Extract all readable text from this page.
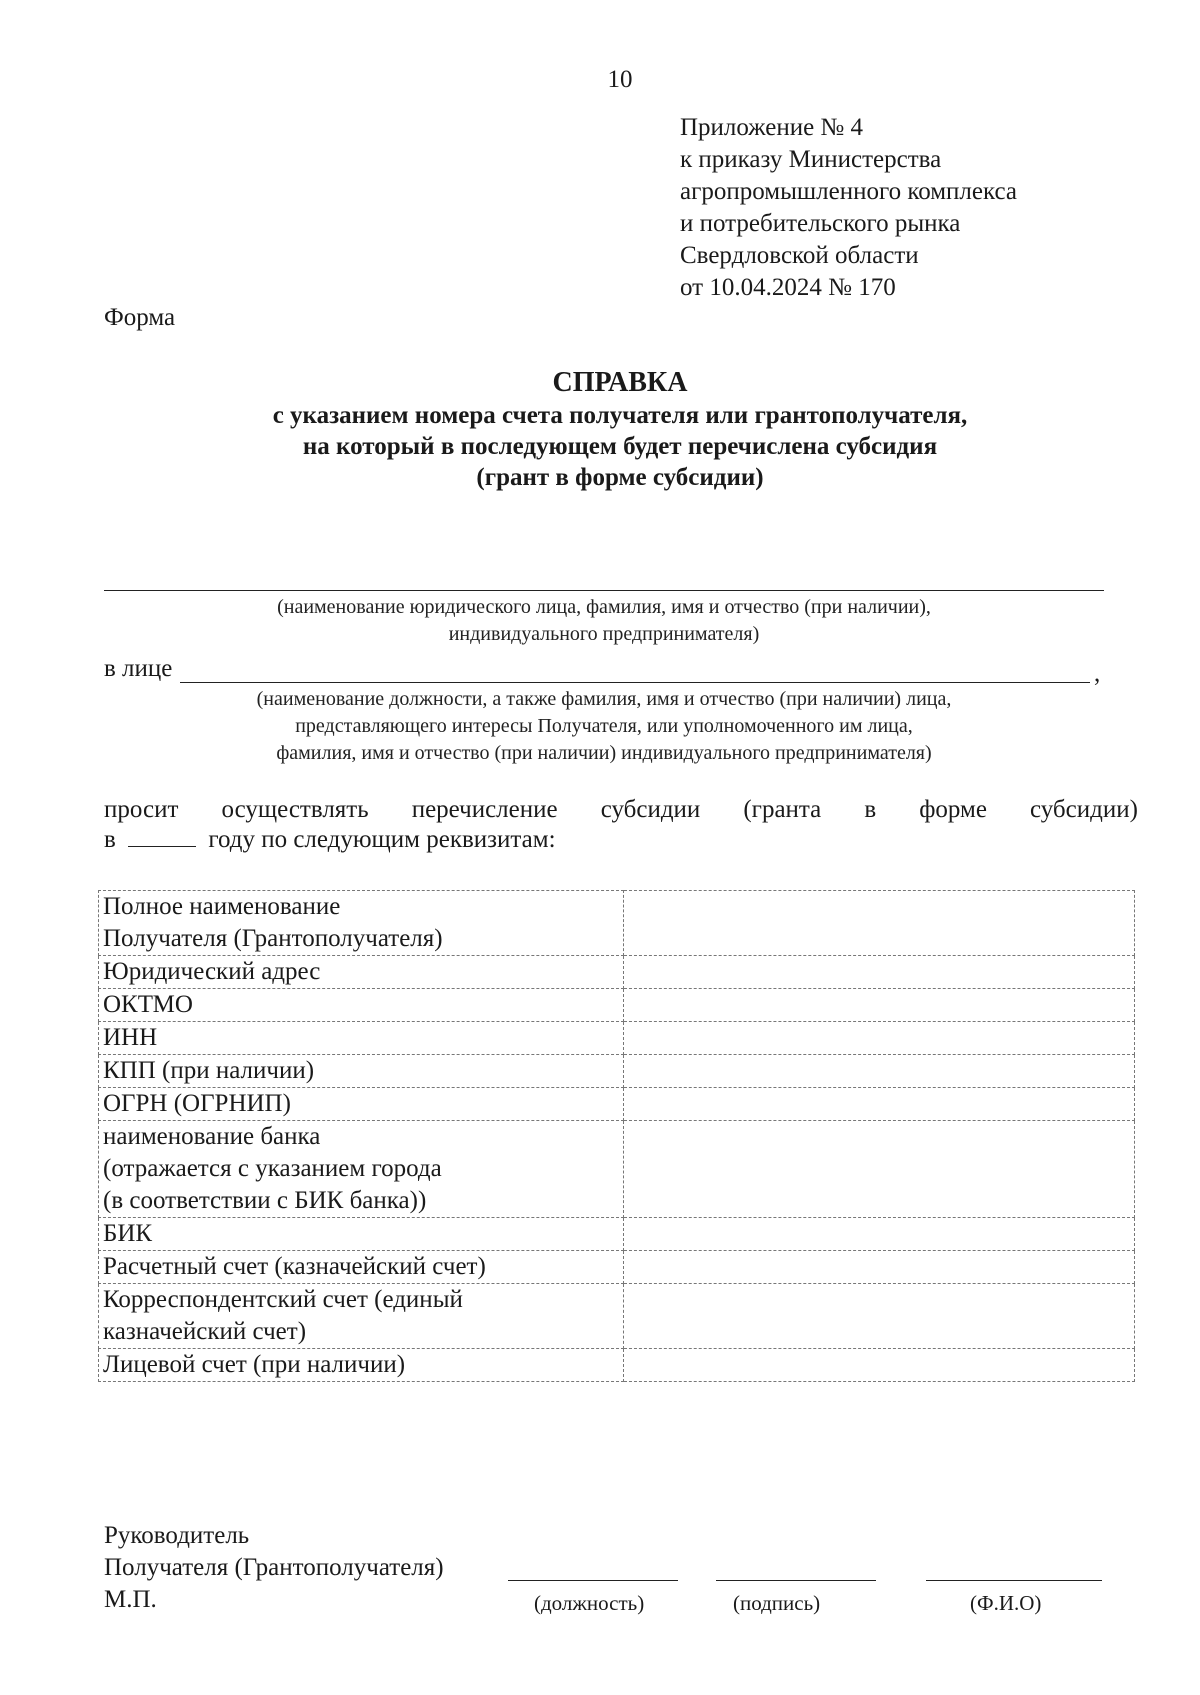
10
Приложение № 4
к приказу Министерства
агропромышленного комплекса
и потребительского рынка
Свердловской области
от 10.04.2024 № 170
Форма
СПРАВКА
с указанием номера счета получателя или грантополучателя,
на который в последующем будет перечислена субсидия
(грант в форме субсидии)
(наименование юридического лица, фамилия, имя и отчество (при наличии),
индивидуального предпринимателя)
в лице	,
(наименование должности, а также фамилия, имя и отчество (при наличии) лица,
представляющего интересы Получателя, или уполномоченного им лица,
фамилия, имя и отчество (при наличии) индивидуального предпринимателя)
просит осуществлять перечисление субсидии (гранта в форме субсидии)
в	году по следующим реквизитам:
Полное наименование
Получателя (Грантополучателя)	

Юридический адрес	

ОКТМО	

ИНН	

КПП (при наличии)	

ОГРН (ОГРНИП)	

наименование банка
(отражается с указанием города
(в соответствии с БИК банка))	

БИК	

Расчетный счет (казначейский счет)	

Корреспондентский счет (единый
казначейский счет)	

Лицевой счет (при наличии)	

Руководитель
Получателя (Грантополучателя)
М.П.	(должность)	(подпись)	(Ф.И.О)
